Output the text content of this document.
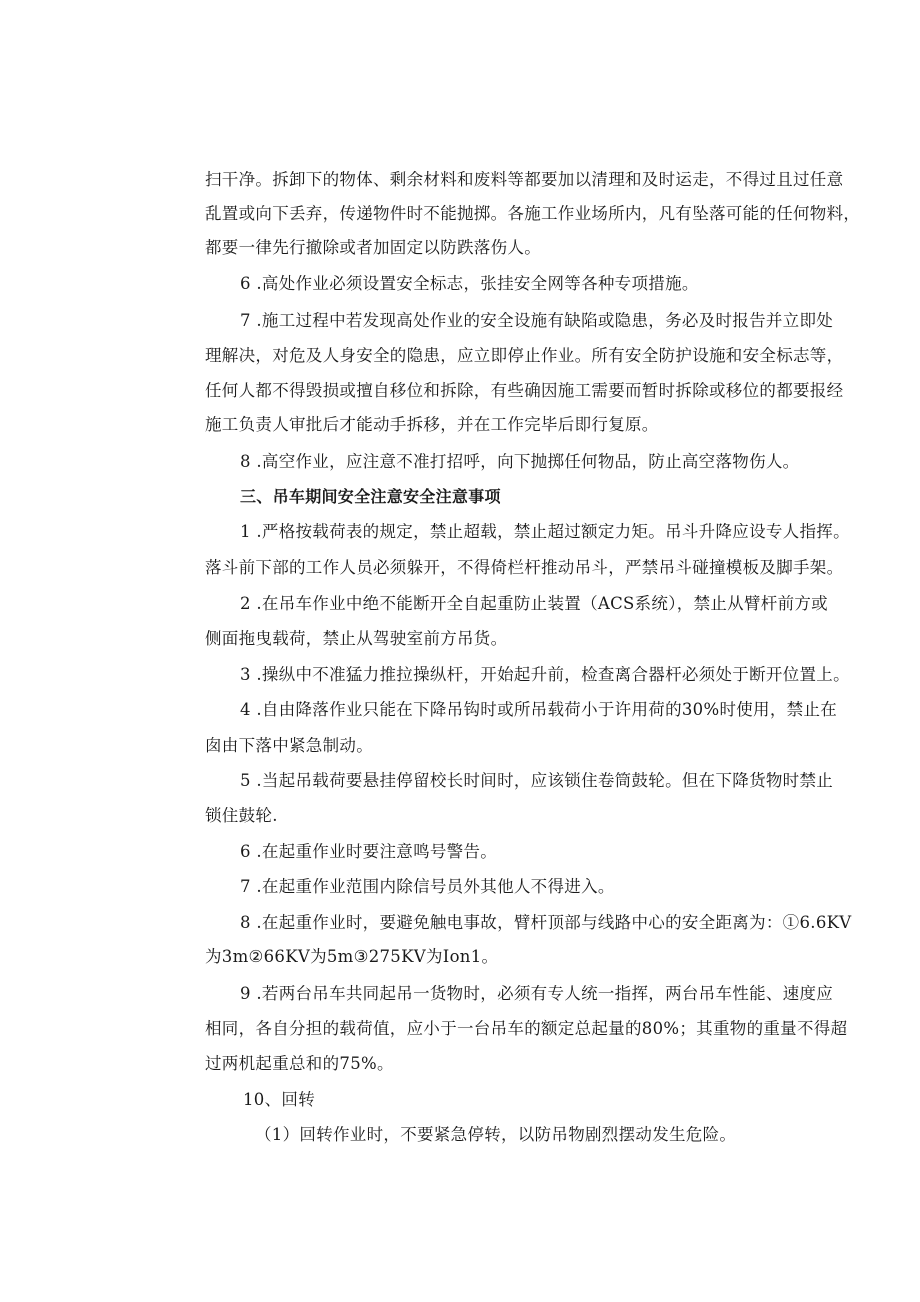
扫干净。拆卸下的物体、剩余材料和废料等都要加以清理和及时运走，不得过且过任意
乱置或向下丢弃，传递物件时不能抛掷。各施工作业场所内，凡有坠落可能的任何物料，
都要一律先行撤除或者加固定以防跌落伤人。
6 .高处作业必须设置安全标志，张挂安全网等各种专项措施。
7 .施工过程中若发现高处作业的安全设施有缺陷或隐患，务必及时报告并立即处
理解决，对危及人身安全的隐患，应立即停止作业。所有安全防护设施和安全标志等，
任何人都不得毁损或擅自移位和拆除，有些确因施工需要而暂时拆除或移位的都要报经
施工负责人审批后才能动手拆移，并在工作完毕后即行复原。
8 .高空作业，应注意不准打招呼，向下抛掷任何物品，防止高空落物伤人。
三、吊车期间安全注意安全注意事项
1 .严格按载荷表的规定，禁止超载，禁止超过额定力矩。吊斗升降应设专人指挥。
落斗前下部的工作人员必须躲开，不得倚栏杆推动吊斗，严禁吊斗碰撞模板及脚手架。
2 .在吊车作业中绝不能断开全自起重防止装置（ACS系统），禁止从臂杆前方或
侧面拖曳载荷，禁止从驾驶室前方吊货。
3 .操纵中不准猛力推拉操纵杆，开始起升前，检查离合器杆必须处于断开位置上。
4 .自由降落作业只能在下降吊钩时或所吊载荷小于许用荷的30%时使用，禁止在
囱由下落中紧急制动。
5 .当起吊载荷要悬挂停留校长时间时，应该锁住卷筒鼓轮。但在下降货物时禁止
锁住鼓轮.
6 .在起重作业时要注意鸣号警告。
7 .在起重作业范围内除信号员外其他人不得进入。
8 .在起重作业时，要避免触电事故，臂杆顶部与线路中心的安全距离为：①6.6KV
为3m②66KV为5m③275KV为Ion1。
9 .若两台吊车共同起吊一货物时，必须有专人统一指挥，两台吊车性能、速度应
相同，各自分担的载荷值，应小于一台吊车的额定总起量的80%；其重物的重量不得超
过两机起重总和的75%。
10、回转
（1）回转作业时，不要紧急停转，以防吊物剧烈摆动发生危险。
